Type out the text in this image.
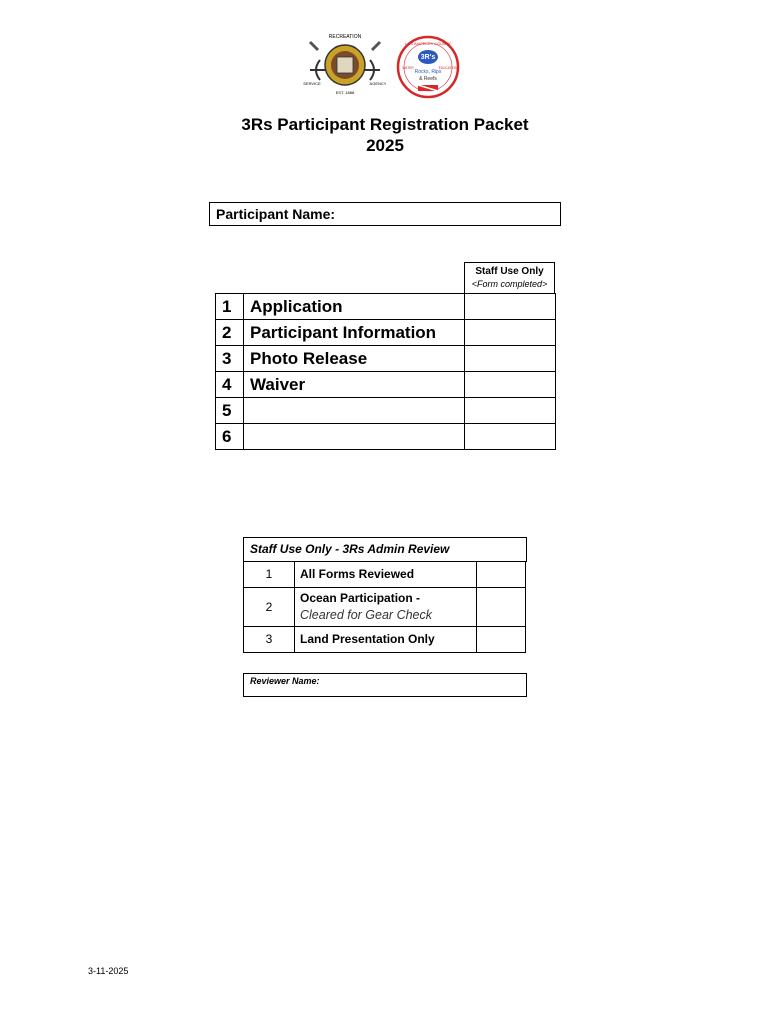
RECREATION
SERVICE	AGENCY
EST. 1888
LOS ANGELES COUNTY
3R's
Rocks, Rips
& Reefs
WATER	EDUCATION
3Rs Participant Registration Packet
2025
Participant Name:
Staff Use Only
<Form completed>
1	Application	
2	Participant Information	
3	Photo Release	
4	Waiver	
5		
6		
Staff Use Only - 3Rs Admin Review
1	All Forms Reviewed	
2	Ocean Participation -
Cleared for Gear Check	

3	Land Presentation Only	
Reviewer Name:
3-11-2025
